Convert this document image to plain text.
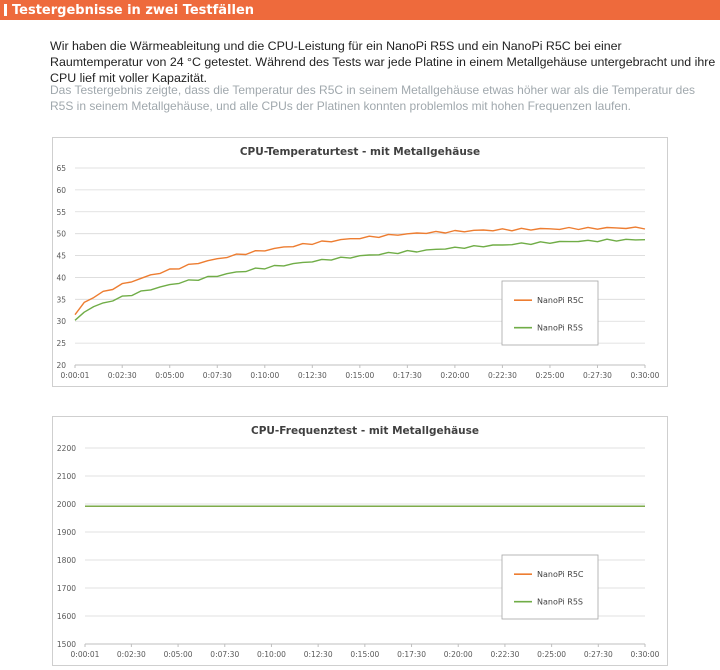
Testergebnisse in zwei Testfällen

Wir haben die Wärmeableitung und die CPU-Leistung für ein NanoPi R5S und ein NanoPi R5C bei einer Raumtemperatur von 24 °C getestet. Während des Tests war jede Platine in einem Metallgehäuse untergebracht und ihre CPU lief mit voller Kapazität.

Das Testergebnis zeigte, dass die Temperatur des R5C in seinem Metallgehäuse etwas höher war als die Temperatur des R5S in seinem Metallgehäuse, und alle CPUs der Platinen konnten problemlos mit hohen Frequenzen laufen.

CPU-Temperaturtest - mit Metallgehäuse
20
25
30
35
40
45
50
55
60
65
0:00:01 0:02:30 0:05:00 0:07:30 0:10:00 0:12:30 0:15:00 0:17:30 0:20:00 0:22:30 0:25:00 0:27:30 0:30:00
NanoPi R5C
NanoPi R5S
CPU-Frequenztest - mit Metallgehäuse
1500
1600
1700
1800
1900
2000
2100
2200
0:00:01 0:02:30 0:05:00 0:07:30 0:10:00 0:12:30 0:15:00 0:17:30 0:20:00 0:22:30 0:25:00 0:27:30 0:30:00
NanoPi R5C
NanoPi R5S
